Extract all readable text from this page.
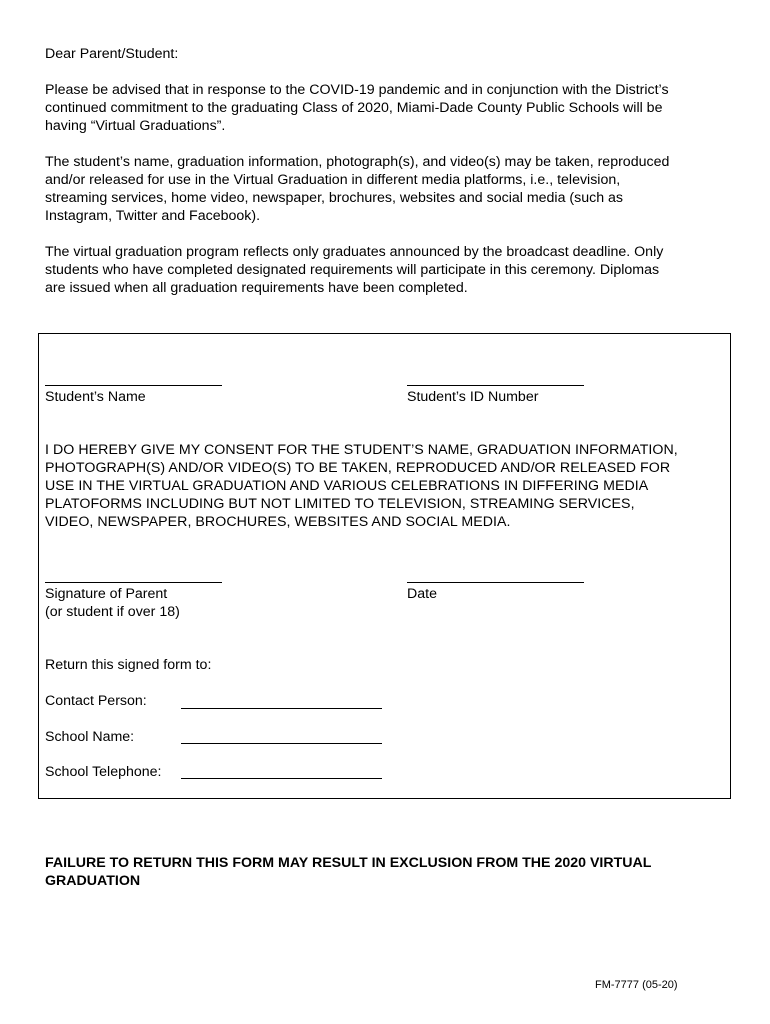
Dear Parent/Student:
Please be advised that in response to the COVID-19 pandemic and in conjunction with the District’s
continued commitment to the graduating Class of 2020, Miami-Dade County Public Schools will be
having “Virtual Graduations”.
The student’s name, graduation information, photograph(s), and video(s) may be taken, reproduced
and/or released for use in the Virtual Graduation in different media platforms, i.e., television,
streaming services, home video, newspaper, brochures, websites and social media (such as
Instagram, Twitter and Facebook).
The virtual graduation program reflects only graduates announced by the broadcast deadline. Only
students who have completed designated requirements will participate in this ceremony. Diplomas
are issued when all graduation requirements have been completed.
Student’s Name	Student’s ID Number
I DO HEREBY GIVE MY CONSENT FOR THE STUDENT’S NAME, GRADUATION INFORMATION,
PHOTOGRAPH(S) AND/OR VIDEO(S) TO BE TAKEN, REPRODUCED AND/OR RELEASED FOR
USE IN THE VIRTUAL GRADUATION AND VARIOUS CELEBRATIONS IN DIFFERING MEDIA
PLATOFORMS INCLUDING BUT NOT LIMITED TO TELEVISION, STREAMING SERVICES,
VIDEO, NEWSPAPER, BROCHURES, WEBSITES AND SOCIAL MEDIA.
Signature of Parent
(or student if over 18)
Date
Return this signed form to:
Contact Person:
School Name:
School Telephone:
FAILURE TO RETURN THIS FORM MAY RESULT IN EXCLUSION FROM THE 2020 VIRTUAL
GRADUATION
FM-7777 (05-20)
